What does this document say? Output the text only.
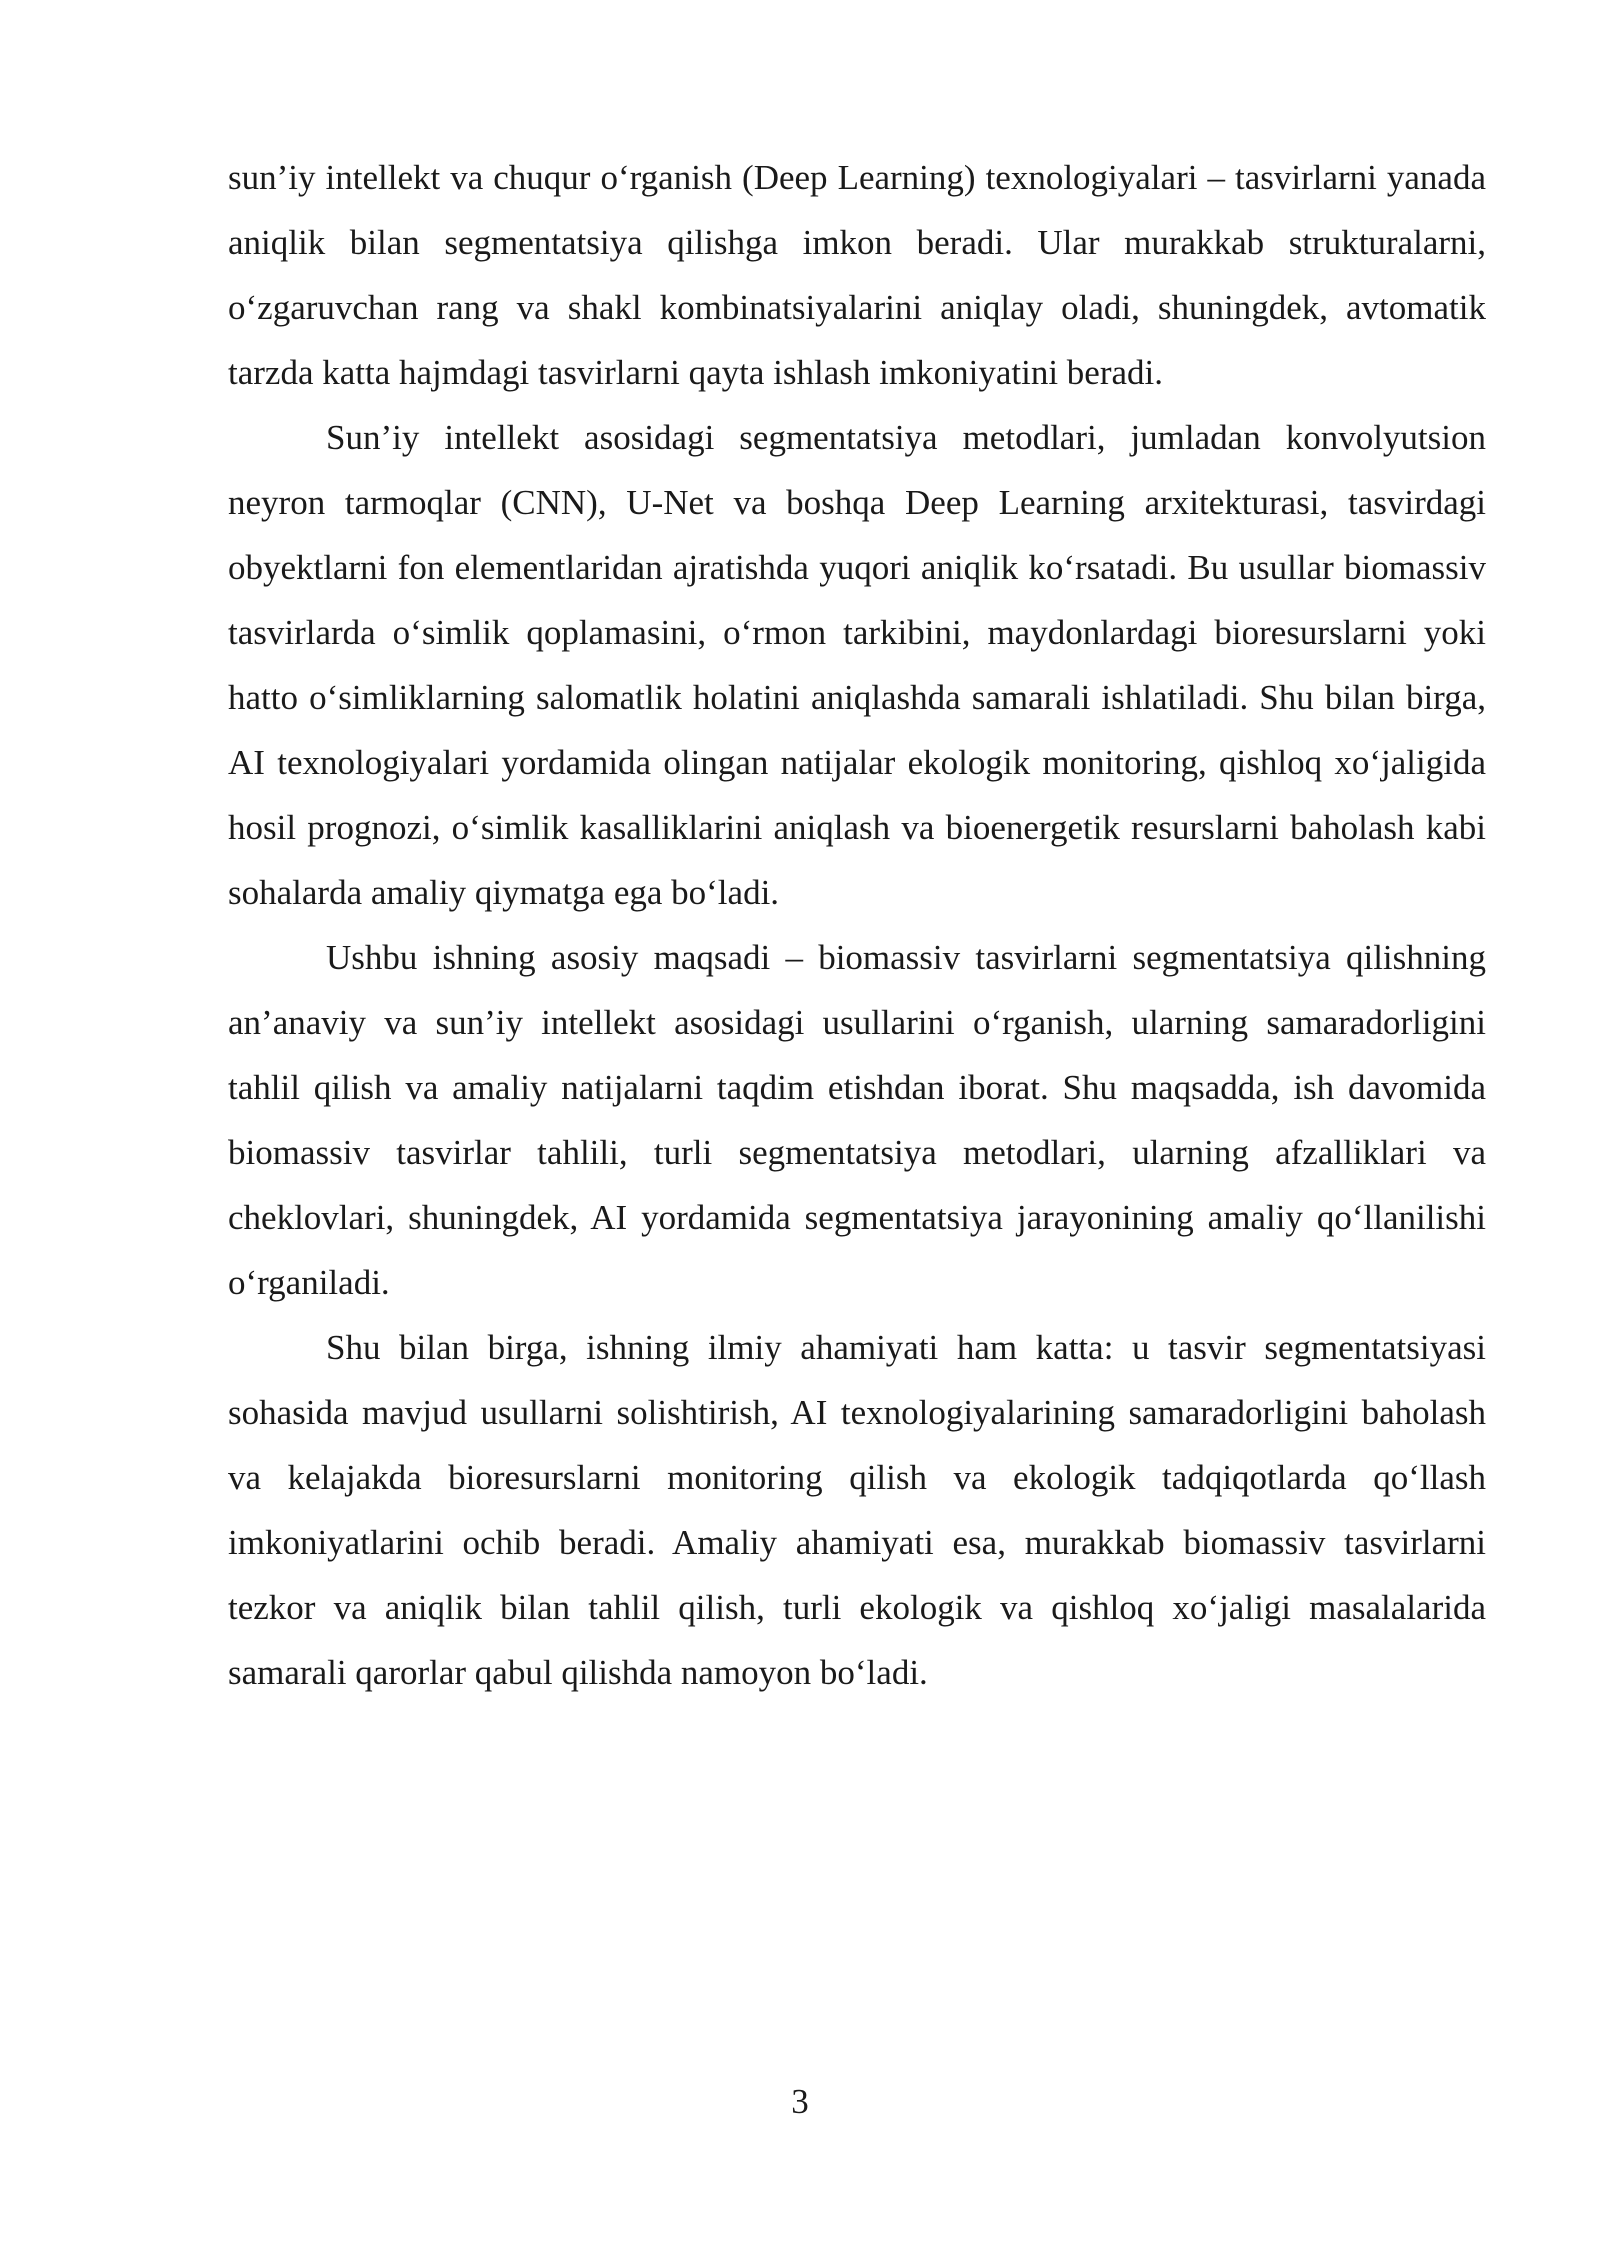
sun’iy intellekt va chuqur o‘rganish (Deep Learning) texnologiyalari – tasvirlarni yanada aniqlik bilan segmentatsiya qilishga imkon beradi. Ular murakkab strukturalarni, o‘zgaruvchan rang va shakl kombinatsiyalarini aniqlay oladi, shuningdek, avtomatik tarzda katta hajmdagi tasvirlarni qayta ishlash imkoniyatini beradi.

Sun’iy intellekt asosidagi segmentatsiya metodlari, jumladan konvolyutsion neyron tarmoqlar (CNN), U-Net va boshqa Deep Learning arxitekturasi, tasvirdagi obyektlarni fon elementlaridan ajratishda yuqori aniqlik ko‘rsatadi. Bu usullar biomassiv tasvirlarda o‘simlik qoplamasini, o‘rmon tarkibini, maydonlardagi bioresurslarni yoki hatto o‘simliklarning salomatlik holatini aniqlashda samarali ishlatiladi. Shu bilan birga, AI texnologiyalari yordamida olingan natijalar ekologik monitoring, qishloq xo‘jaligida hosil prognozi, o‘simlik kasalliklarini aniqlash va bioenergetik resurslarni baholash kabi sohalarda amaliy qiymatga ega bo‘ladi.

Ushbu ishning asosiy maqsadi – biomassiv tasvirlarni segmentatsiya qilishning an’anaviy va sun’iy intellekt asosidagi usullarini o‘rganish, ularning samaradorligini tahlil qilish va amaliy natijalarni taqdim etishdan iborat. Shu maqsadda, ish davomida biomassiv tasvirlar tahlili, turli segmentatsiya metodlari, ularning afzalliklari va cheklovlari, shuningdek, AI yordamida segmentatsiya jarayonining amaliy qo‘llanilishi o‘rganiladi.

Shu bilan birga, ishning ilmiy ahamiyati ham katta: u tasvir segmentatsiyasi sohasida mavjud usullarni solishtirish, AI texnologiyalarining samaradorligini baholash va kelajakda bioresurslarni monitoring qilish va ekologik tadqiqotlarda qo‘llash imkoniyatlarini ochib beradi. Amaliy ahamiyati esa, murakkab biomassiv tasvirlarni tezkor va aniqlik bilan tahlil qilish, turli ekologik va qishloq xo‘jaligi masalalarida samarali qarorlar qabul qilishda namoyon bo‘ladi.

3
